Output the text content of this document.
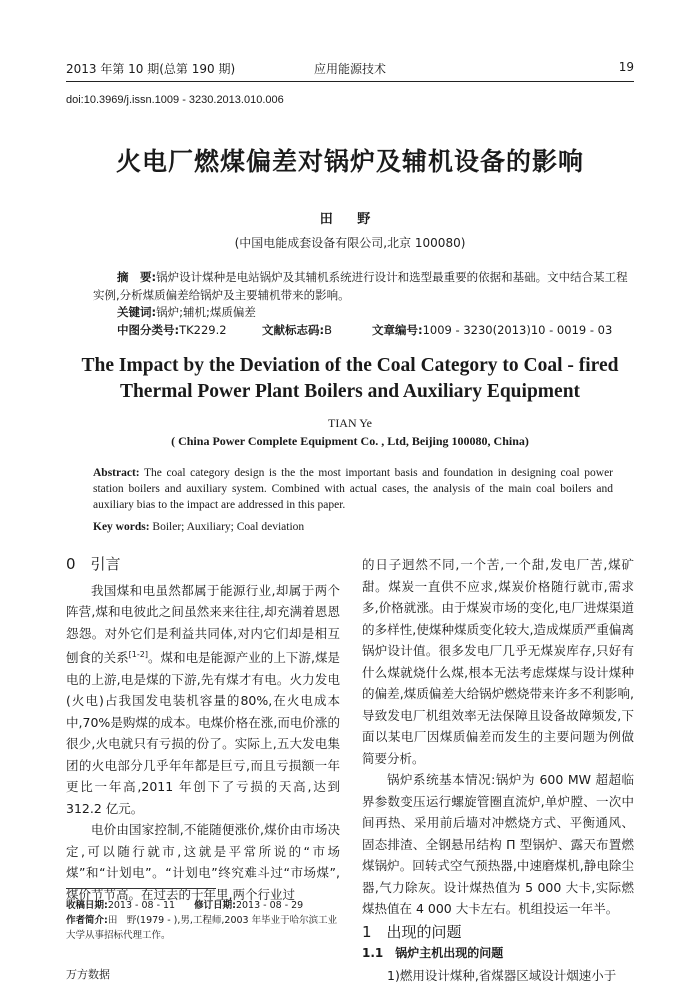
2013 年第 10 期(总第 190 期)	应用能源技术	19
doi:10.3969/j.issn.1009 - 3230.2013.010.006
火电厂燃煤偏差对锅炉及辅机设备的影响
田 野
(中国电能成套设备有限公司,北京 100080)
摘　要:锅炉设计煤种是电站锅炉及其辅机系统进行设计和选型最重要的依据和基础。文中结合某工程实例,分析煤质偏差给锅炉及主要辅机带来的影响。
关键词:锅炉;辅机;煤质偏差
中图分类号:TK229.2	文献标志码:B	文章编号:1009 - 3230(2013)10 - 0019 - 03
The Impact by the Deviation of the Coal Category to Coal - fired Thermal Power Plant Boilers and Auxiliary Equipment
TIAN Ye
( China Power Complete Equipment Co. , Ltd, Beijing 100080, China)
Abstract: The coal category design is the the most important basis and foundation in designing coal power station boilers and auxiliary system. Combined with actual cases, the analysis of the main coal boilers and auxiliary bias to the impact are addressed in this paper.
Key words: Boiler; Auxiliary; Coal deviation
0　引言

我国煤和电虽然都属于能源行业,却属于两个阵营,煤和电彼此之间虽然来来往往,却充满着恩恩怨怨。对外它们是利益共同体,对内它们却是相互刨食的关系[1-2]。煤和电是能源产业的上下游,煤是电的上游,电是煤的下游,先有煤才有电。火力发电(火电)占我国发电装机容量的80%,在火电成本中,70%是购煤的成本。电煤价格在涨,而电价涨的很少,火电就只有亏损的份了。实际上,五大发电集团的火电部分几乎年年都是巨亏,而且亏损额一年更比一年高,2011 年创下了亏损的天高,达到 312.2 亿元。

电价由国家控制,不能随便涨价,煤价由市场决定,可以随行就市,这就是平常所说的“市场煤”和“计划电”。“计划电”终究难斗过“市场煤”,煤价节节高。在过去的十年里,两个行业过

收稿日期:2013 - 08 - 11　　 修订日期:2013 - 08 - 29
作者简介:田　野(1979 - ),男,工程师,2003 年毕业于哈尔滨工业大学从事招标代理工作。

的日子迥然不同,一个苦,一个甜,发电厂苦,煤矿甜。煤炭一直供不应求,煤炭价格随行就市,需求多,价格就涨。由于煤炭市场的变化,电厂进煤渠道的多样性,使煤种煤质变化较大,造成煤质严重偏离锅炉设计值。很多发电厂几乎无煤炭库存,只好有什么煤就烧什么煤,根本无法考虑煤煤与设计煤种的偏差,煤质偏差大给锅炉燃烧带来许多不利影响,导致发电厂机组效率无法保障且设备故障频发,下面以某电厂因煤质偏差而发生的主要问题为例做简要分析。

锅炉系统基本情况:锅炉为 600 MW 超超临界参数变压运行螺旋管圈直流炉,单炉膛、一次中间再热、采用前后墙对冲燃烧方式、平衡通风、固态排渣、全钢悬吊结构 Π 型锅炉、露天布置燃煤锅炉。回转式空气预热器,中速磨煤机,静电除尘器,气力除灰。设计煤热值为 5 000 大卡,实际燃煤热值在 4 000 大卡左右。机组投运一年半。

1　出现的问题
1.1　锅炉主机出现的问题

1)燃用设计煤种,省煤器区域设计烟速小于

万方数据
